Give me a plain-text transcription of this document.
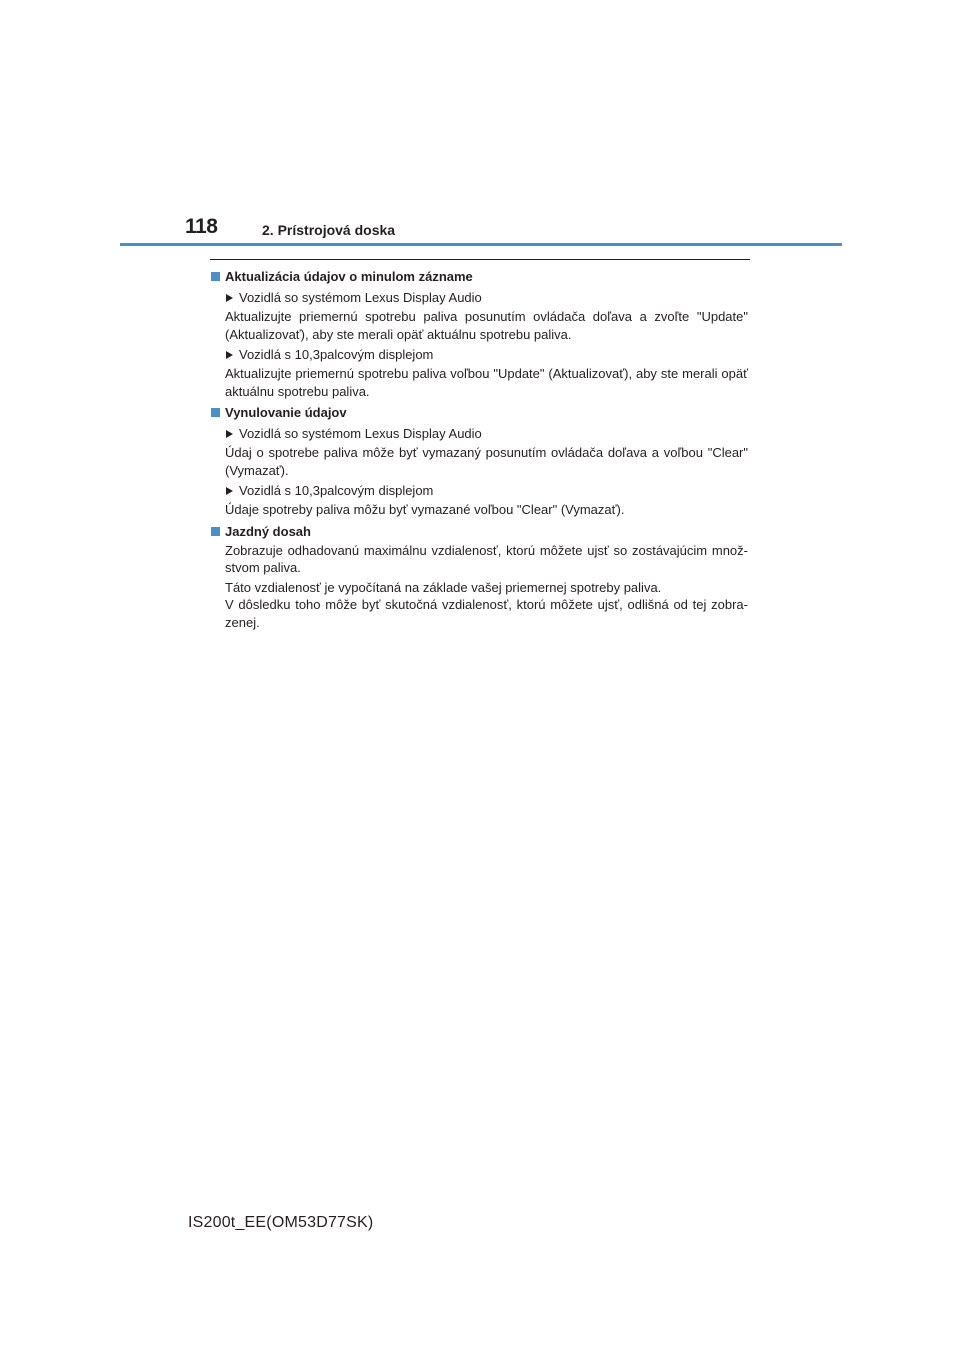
118	2. Prístrojová doska
Aktualizácia údajov o minulom zázname
Vozidlá so systémom Lexus Display Audio
Aktualizujte priemernú spotrebu paliva posunutím ovládača doľava a zvoľte "Update" (Aktualizovať), aby ste merali opäť aktuálnu spotrebu paliva.
Vozidlá s 10,3palcovým displejom
Aktualizujte priemernú spotrebu paliva voľbou "Update" (Aktualizovať), aby ste merali opäť aktuálnu spotrebu paliva.
Vynulovanie údajov
Vozidlá so systémom Lexus Display Audio
Údaj o spotrebe paliva môže byť vymazaný posunutím ovládača doľava a voľbou "Clear" (Vymazať).
Vozidlá s 10,3palcovým displejom
Údaje spotreby paliva môžu byť vymazané voľbou "Clear" (Vymazať).
Jazdný dosah
Zobrazuje odhadovanú maximálnu vzdialenosť, ktorú môžete ujsť so zostávajúcim množ-stvom paliva.
Táto vzdialenosť je vypočítaná na základe vašej priemernej spotreby paliva.
V dôsledku toho môže byť skutočná vzdialenosť, ktorú môžete ujsť, odlišná od tej zobra-zenej.
IS200t_EE(OM53D77SK)
